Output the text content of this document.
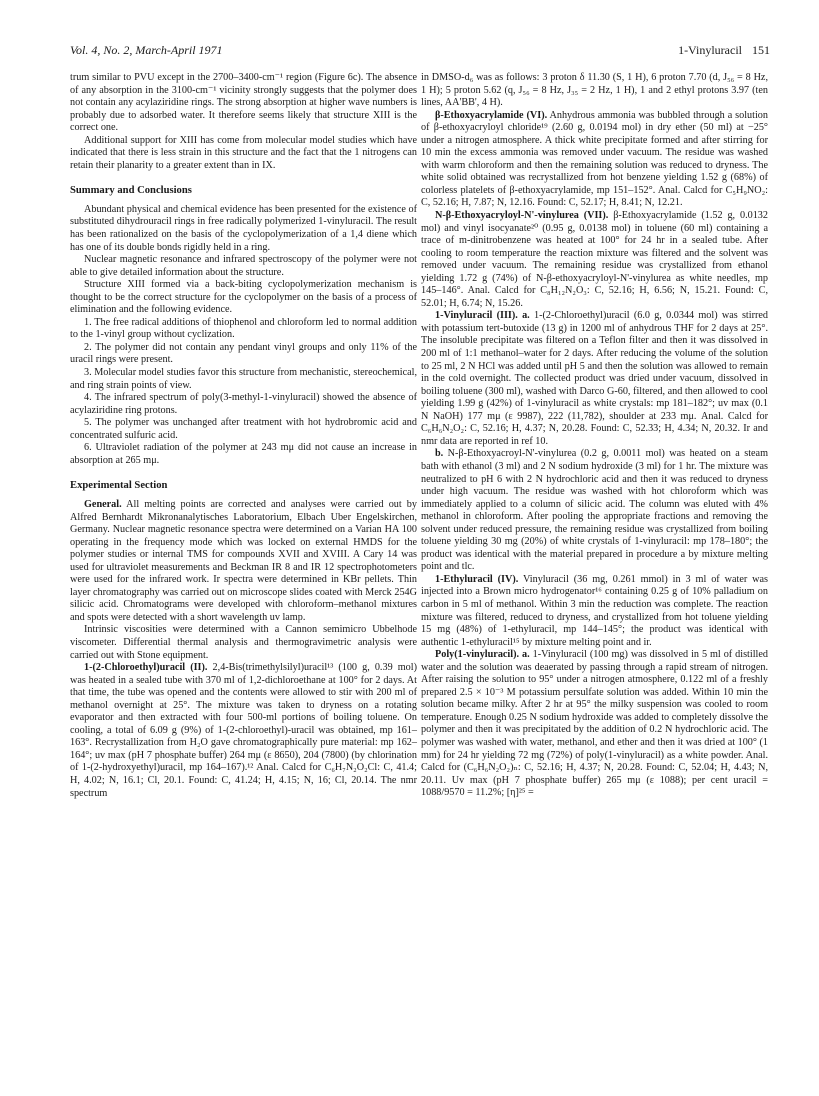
Vol. 4, No. 2, March-April 1971	1-Vinyluracil 151

trum similar to PVU except in the 2700–3400-cm⁻¹ region (Figure 6c). The absence of any absorption in the 3100-cm⁻¹ vicinity strongly suggests that the polymer does not contain any acylaziridine rings. The strong absorption at higher wave numbers is probably due to adsorbed water. It therefore seems likely that structure XIII is the correct one.

Additional support for XIII has come from molecular model studies which have indicated that there is less strain in this structure and the fact that the 1 nitrogens can retain their planarity to a greater extent than in IX.

Summary and Conclusions

Abundant physical and chemical evidence has been presented for the existence of substituted dihydrouracil rings in free radically polymerized 1-vinyluracil. The result has been rationalized on the basis of the cyclopolymerization of a 1,4 diene which has one of its double bonds rigidly held in a ring.

Nuclear magnetic resonance and infrared spectroscopy of the polymer were not able to give detailed information about the structure.

Structure XIII formed via a back-biting cyclopolymerization mechanism is thought to be the correct structure for the cyclopolymer on the basis of a process of elimination and the following evidence.

1. The free radical additions of thiophenol and chloroform led to normal addition to the 1-vinyl group without cyclization.

2. The polymer did not contain any pendant vinyl groups and only 11% of the uracil rings were present.

3. Molecular model studies favor this structure from mechanistic, stereochemical, and ring strain points of view.

4. The infrared spectrum of poly(3-methyl-1-vinyluracil) showed the absence of acylaziridine ring protons.

5. The polymer was unchanged after treatment with hot hydrobromic acid and concentrated sulfuric acid.

6. Ultraviolet radiation of the polymer at 243 mμ did not cause an increase in absorption at 265 mμ.

Experimental Section

General. All melting points are corrected and analyses were carried out by Alfred Bernhardt Mikronanalytisches Laboratorium, Elbach Uber Engelskirchen, Germany. Nuclear magnetic resonance spectra were determined on a Varian HA 100 operating in the frequency mode which was locked on external HMDS for the polymer studies or internal TMS for compounds XVII and XVIII. A Cary 14 was used for ultraviolet measurements and Beckman IR 8 and IR 12 spectrophotometers were used for the infrared work. Ir spectra were determined in KBr pellets. Thin layer chromatography was carried out on microscope slides coated with Merck 254G silicic acid. Chromatograms were developed with chloroform–methanol mixtures and spots were detected with a short wavelength uv lamp.

Intrinsic viscosities were determined with a Cannon semimicro Ubbelhode viscometer. Differential thermal analysis and thermogravimetric analysis were carried out with Stone equipment.

1-(2-Chloroethyl)uracil (II). 2,4-Bis(trimethylsilyl)uracil¹³ (100 g, 0.39 mol) was heated in a sealed tube with 370 ml of 1,2-dichloroethane at 100° for 2 days. At that time, the tube was opened and the contents were allowed to stir with 200 ml of methanol overnight at 25°. The mixture was taken to dryness on a rotating evaporator and then extracted with four 500-ml portions of boiling toluene. On cooling, a total of 6.09 g (9%) of 1-(2-chloroethyl)-uracil was obtained, mp 161–163°. Recrystallization from H₂O gave chromatographically pure material: mp 162–164°; uv max (pH 7 phosphate buffer) 264 mμ (ε 8650), 204 (7800) (by chlorination of 1-(2-hydroxyethyl)uracil, mp 164–167).¹² Anal. Calcd for C₆H₇N₂O₂Cl: C, 41.4; H, 4.02; N, 16.1; Cl, 20.1. Found: C, 41.24; H, 4.15; N, 16; Cl, 20.14. The nmr spectrum

in DMSO-d₆ was as follows: 3 proton δ 11.30 (S, 1 H), 6 proton 7.70 (d, J₅₆ = 8 Hz, 1 H); 5 proton 5.62 (q, J₅₆ = 8 Hz, J₃₅ = 2 Hz, 1 H), 1 and 2 ethyl protons 3.97 (ten lines, AA'BB', 4 H).

β-Ethoxyacrylamide (VI). Anhydrous ammonia was bubbled through a solution of β-ethoxyacryloyl chloride¹⁹ (2.60 g, 0.0194 mol) in dry ether (50 ml) at −25° under a nitrogen atmosphere. A thick white precipitate formed and after stirring for 10 min the excess ammonia was removed under vacuum. The residue was washed with warm chloroform and then the remaining solution was reduced to dryness. The white solid obtained was recrystallized from hot benzene yielding 1.52 g (68%) of colorless platelets of β-ethoxyacrylamide, mp 151–152°. Anal. Calcd for C₅H₉NO₂: C, 52.16; H, 7.87; N, 12.16. Found: C, 52.17; H, 8.41; N, 12.21.

N-β-Ethoxyacryloyl-N'-vinylurea (VII). β-Ethoxyacrylamide (1.52 g, 0.0132 mol) and vinyl isocyanate²⁰ (0.95 g, 0.0138 mol) in toluene (60 ml) containing a trace of m-dinitrobenzene was heated at 100° for 24 hr in a sealed tube. After cooling to room temperature the reaction mixture was filtered and the solvent was removed under vacuum. The remaining residue was crystallized from ethanol yielding 1.72 g (74%) of N-β-ethoxyacryloyl-N'-vinylurea as white needles, mp 145–146°. Anal. Calcd for C₈H₁₂N₂O₃: C, 52.16; H, 6.56; N, 15.21. Found: C, 52.01; H, 6.74; N, 15.26.

1-Vinyluracil (III). a. 1-(2-Chloroethyl)uracil (6.0 g, 0.0344 mol) was stirred with potassium tert-butoxide (13 g) in 1200 ml of anhydrous THF for 2 days at 25°. The insoluble precipitate was filtered on a Teflon filter and then it was dissolved in 200 ml of 1:1 methanol–water for 2 days. After reducing the volume of the solution to 25 ml, 2 N HCl was added until pH 5 and then the solution was allowed to remain in the cold overnight. The collected product was dried under vacuum, dissolved in boiling toluene (300 ml), washed with Darco G-60, filtered, and then allowed to cool yielding 1.99 g (42%) of 1-vinyluracil as white crystals: mp 181–182°; uv max (0.1 N NaOH) 177 mμ (ε 9987), 222 (11,782), shoulder at 233 mμ. Anal. Calcd for C₆H₆N₂O₂: C, 52.16; H, 4.37; N, 20.28. Found: C, 52.33; H, 4.34; N, 20.32. Ir and nmr data are reported in ref 10.

b. N-β-Ethoxyacroyl-N'-vinylurea (0.2 g, 0.0011 mol) was heated on a steam bath with ethanol (3 ml) and 2 N sodium hydroxide (3 ml) for 1 hr. The mixture was neutralized to pH 6 with 2 N hydrochloric acid and then it was reduced to dryness under high vacuum. The residue was washed with hot chloroform which was immediately applied to a column of silicic acid. The column was eluted with 4% methanol in chloroform. After pooling the appropriate fractions and removing the solvent under reduced pressure, the remaining residue was crystallized from boiling toluene yielding 30 mg (20%) of white crystals of 1-vinyluracil: mp 178–180°; the product was identical with the material prepared in procedure a by mixture melting point and tlc.

1-Ethyluracil (IV). Vinyluracil (36 mg, 0.261 mmol) in 3 ml of water was injected into a Brown micro hydrogenator¹⁶ containing 0.25 g of 10% palladium on carbon in 5 ml of methanol. Within 3 min the reduction was complete. The reaction mixture was filtered, reduced to dryness, and crystallized from hot toluene yielding 15 mg (48%) of 1-ethyluracil, mp 144–145°; the product was identical with authentic 1-ethyluracil¹⁵ by mixture melting point and ir.

Poly(1-vinyluracil). a. 1-Vinyluracil (100 mg) was dissolved in 5 ml of distilled water and the solution was deaerated by passing through a rapid stream of nitrogen. After raising the solution to 95° under a nitrogen atmosphere, 0.122 ml of a freshly prepared 2.5 × 10⁻³ M potassium persulfate solution was added. Within 10 min the solution became milky. After 2 hr at 95° the milky suspension was cooled to room temperature. Enough 0.25 N sodium hydroxide was added to completely dissolve the polymer and then it was precipitated by the addition of 0.2 N hydrochloric acid. The polymer was washed with water, methanol, and ether and then it was dried at 100° (1 mm) for 24 hr yielding 72 mg (72%) of poly(1-vinyluracil) as a white powder. Anal. Calcd for (C₆H₆N₂O₂)ₙ: C, 52.16; H, 4.37; N, 20.28. Found: C, 52.04; H, 4.43; N, 20.11. Uv max (pH 7 phosphate buffer) 265 mμ (ε 1088); per cent uracil = 1088/9570 = 11.2%; [η]²⁵ =
